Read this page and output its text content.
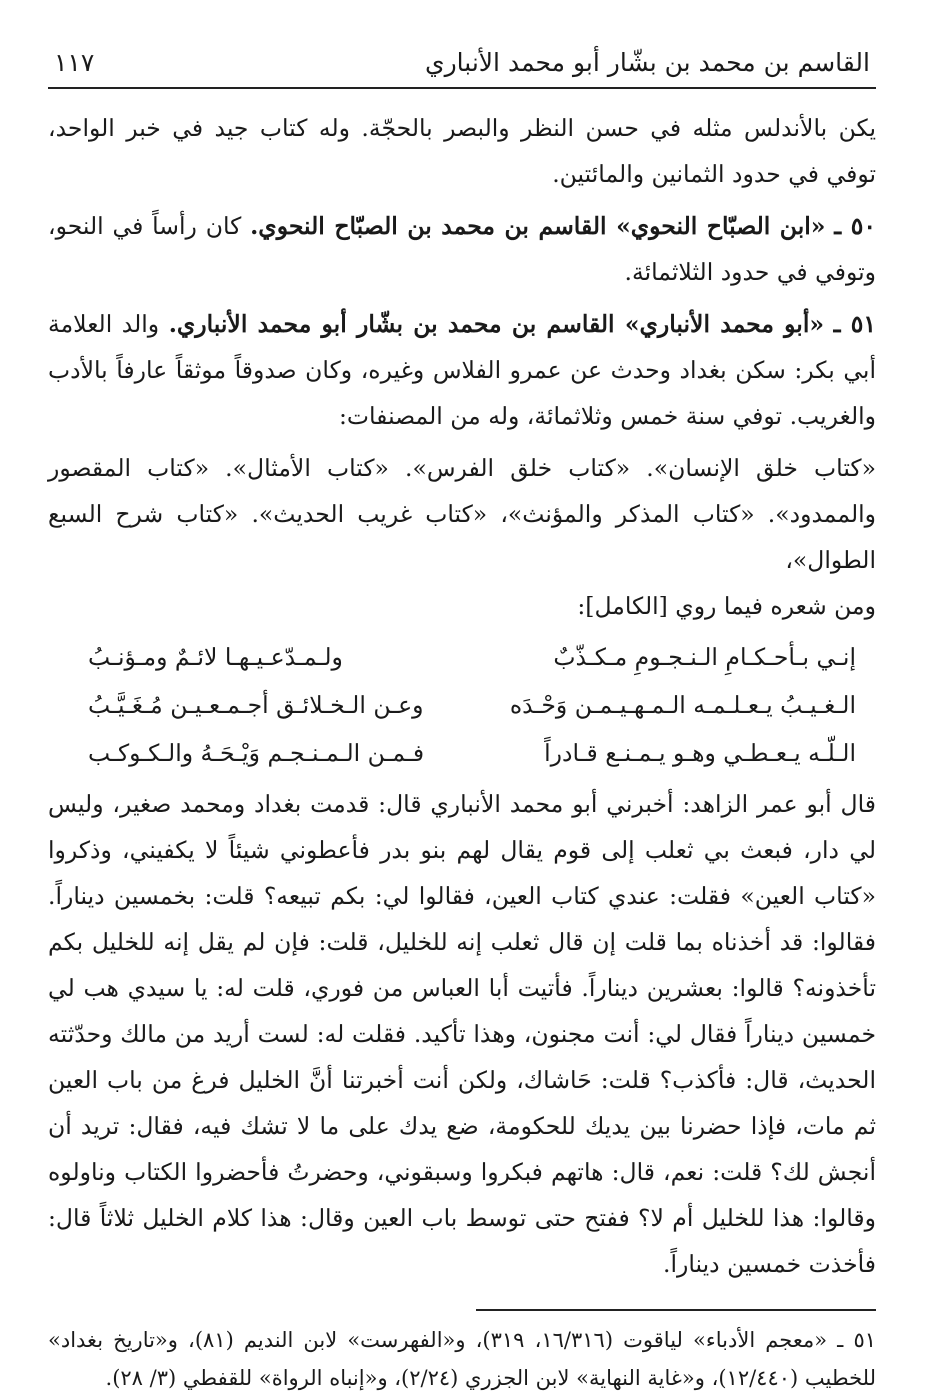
القاسم بن محمد بن بشّار أبو محمد الأنباري
١١٧

يكن بالأندلس مثله في حسن النظر والبصر بالحجّة. وله كتاب جيد في خبر الواحد، توفي في حدود الثمانين والمائتين.

٥٠ ـ «ابن الصبّاح النحوي» القاسم بن محمد بن الصبّاح النحوي. كان رأساً في النحو، وتوفي في حدود الثلاثمائة.

٥١ ـ «أبو محمد الأنباري» القاسم بن محمد بن بشّار أبو محمد الأنباري. والد العلامة أبي بكر: سكن بغداد وحدث عن عمرو الفلاس وغيره، وكان صدوقاً موثقاً عارفاً بالأدب والغريب. توفي سنة خمس وثلاثمائة، وله من المصنفات:

«كتاب خلق الإنسان». «كتاب خلق الفرس». «كتاب الأمثال». «كتاب المقصور والممدود». «كتاب المذكر والمؤنث»، «كتاب غريب الحديث». «كتاب شرح السبع الطوال»،

ومن شعره فيما روي [الكامل]:

إنـي بـأحـكـامِ الـنـجـومِ مـكـذّبٌ
ولـمـدّعـيـهـا لائـمٌ ومـؤنـبُ
الـغـيـبُ يـعـلـمـه الـمـهـيـمـن وَحْـدَه
وعـن الـخـلائـق أجـمـعـيـن مُـغَـيَّـبُ
الـلّـه يـعـطـي وهـو يـمـنـع قـادراً
فـمـن الـمـنـجـم وَيْـحَـهُ والـكـوكـب

قال أبو عمر الزاهد: أخبرني أبو محمد الأنباري قال: قدمت بغداد ومحمد صغير، وليس لي دار، فبعث بي ثعلب إلى قوم يقال لهم بنو بدر فأعطوني شيئاً لا يكفيني، وذكروا «كتاب العين» فقلت: عندي كتاب العين، فقالوا لي: بكم تبيعه؟ قلت: بخمسين ديناراً. فقالوا: قد أخذناه بما قلت إن قال ثعلب إنه للخليل، قلت: فإن لم يقل إنه للخليل بكم تأخذونه؟ قالوا: بعشرين ديناراً. فأتيت أبا العباس من فوري، قلت له: يا سيدي هب لي خمسين ديناراً فقال لي: أنت مجنون، وهذا تأكيد. فقلت له: لست أريد من مالك وحدّثته الحديث، قال: فأكذب؟ قلت: حَاشاك، ولكن أنت أخبرتنا أنَّ الخليل فرغ من باب العين ثم مات، فإذا حضرنا بين يديك للحكومة، ضع يدك على ما لا تشك فيه، فقال: تريد أن أنجش لك؟ قلت: نعم، قال: هاتهم فبكروا وسبقوني، وحضرتُ فأحضروا الكتاب وناولوه وقالوا: هذا للخليل أم لا؟ ففتح حتى توسط باب العين وقال: هذا كلام الخليل ثلاثاً قال: فأخذت خمسين ديناراً.

٥١ ـ «معجم الأدباء» لياقوت (١٦/٣١٦، ٣١٩)، و«الفهرست» لابن النديم (٨١)، و«تاريخ بغداد» للخطيب (١٢/٤٤٠)، و«غاية النهاية» لابن الجزري (٢/٢٤)، و«إنباه الرواة» للقفطي (٣/ ٢٨).
